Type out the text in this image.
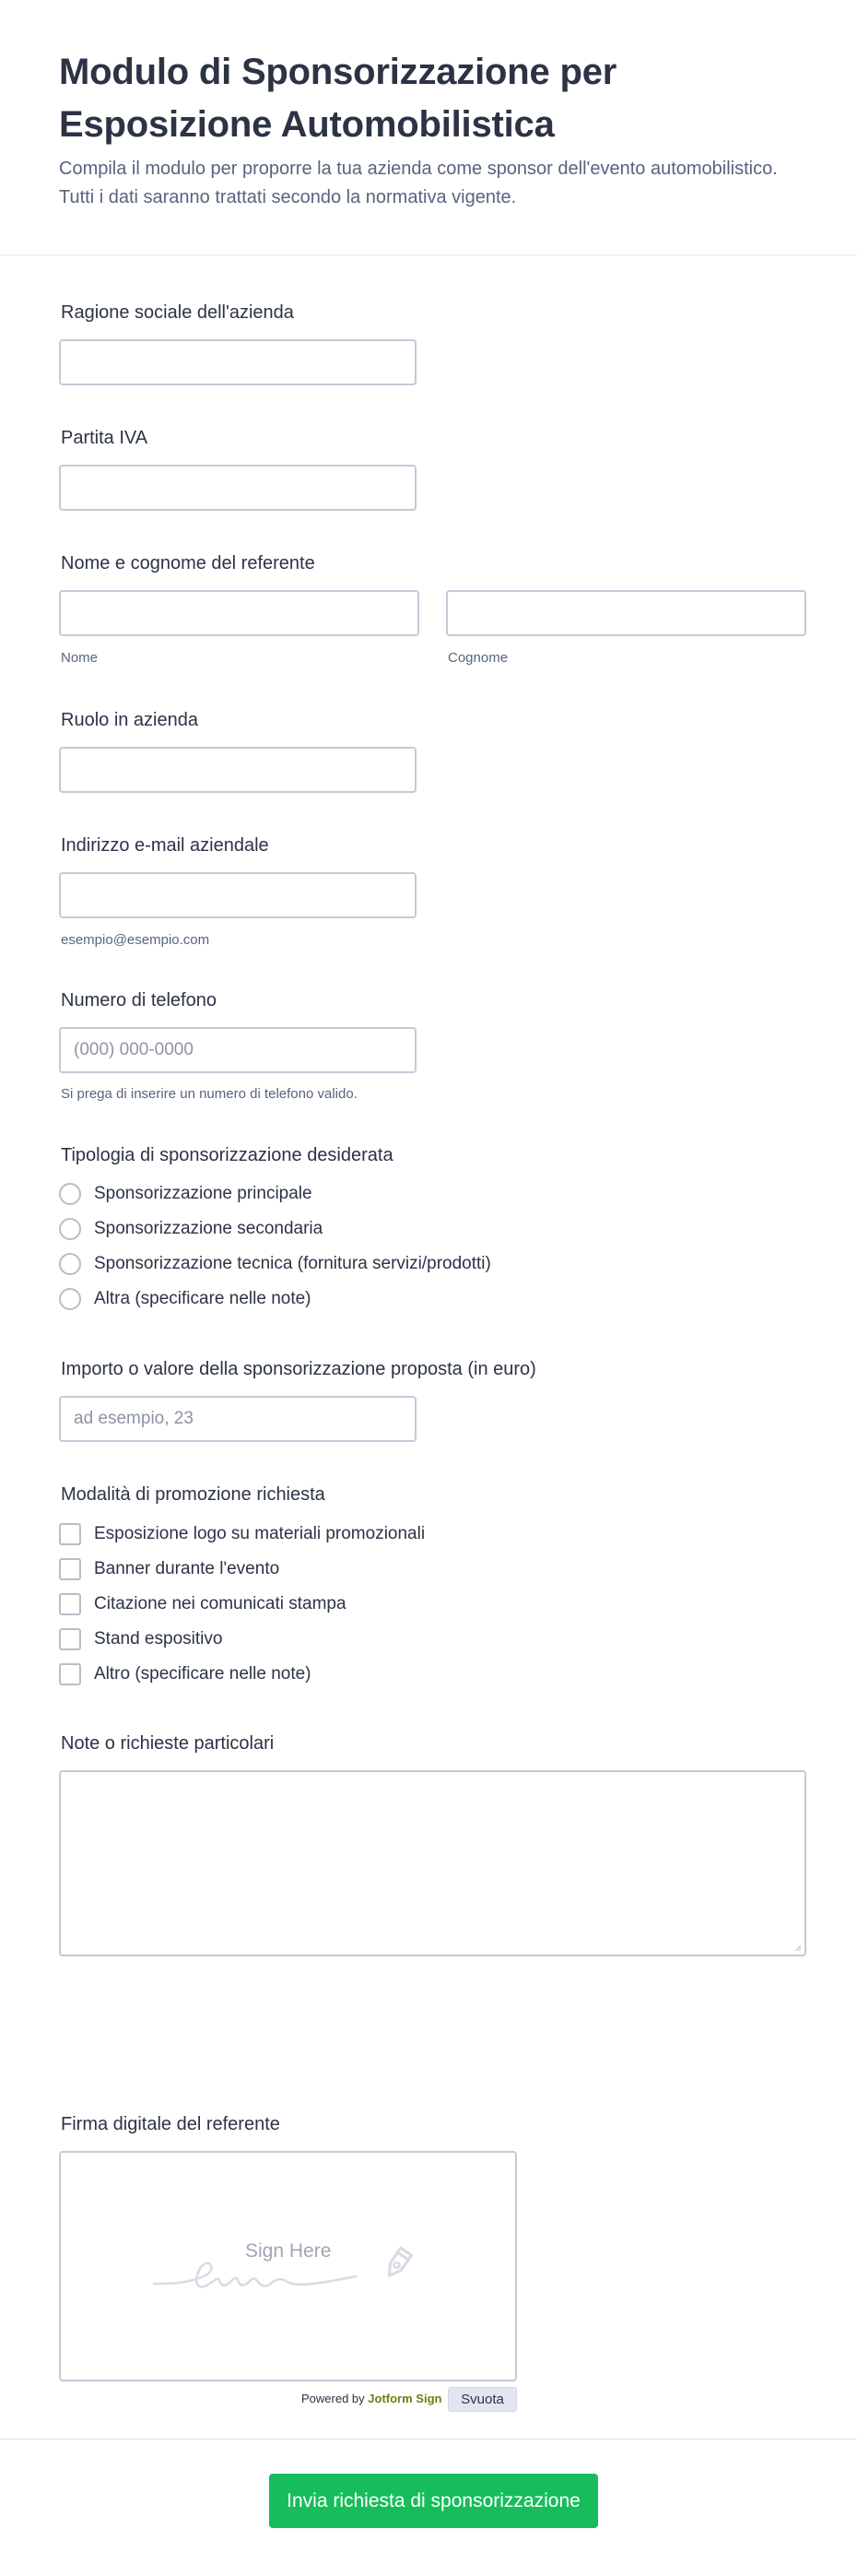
Modulo di Sponsorizzazione per Esposizione Automobilistica

Compila il modulo per proporre la tua azienda come sponsor dell'evento automobilistico. Tutti i dati saranno trattati secondo la normativa vigente.

Ragione sociale dell'azienda
Partita IVA
Nome e cognome del referente
Nome	Cognome
Ruolo in azienda
Indirizzo e-mail aziendale
esempio@esempio.com
Numero di telefono
(000) 000-0000
Si prega di inserire un numero di telefono valido.
Tipologia di sponsorizzazione desiderata
Sponsorizzazione principale
Sponsorizzazione secondaria
Sponsorizzazione tecnica (fornitura servizi/prodotti)
Altra (specificare nelle note)
Importo o valore della sponsorizzazione proposta (in euro)
ad esempio, 23
Modalità di promozione richiesta
Esposizione logo su materiali promozionali
Banner durante l'evento
Citazione nei comunicati stampa
Stand espositivo
Altro (specificare nelle note)
Note o richieste particolari
Firma digitale del referente
Sign Here
Powered by Jotform Sign	Svuota
Invia richiesta di sponsorizzazione
